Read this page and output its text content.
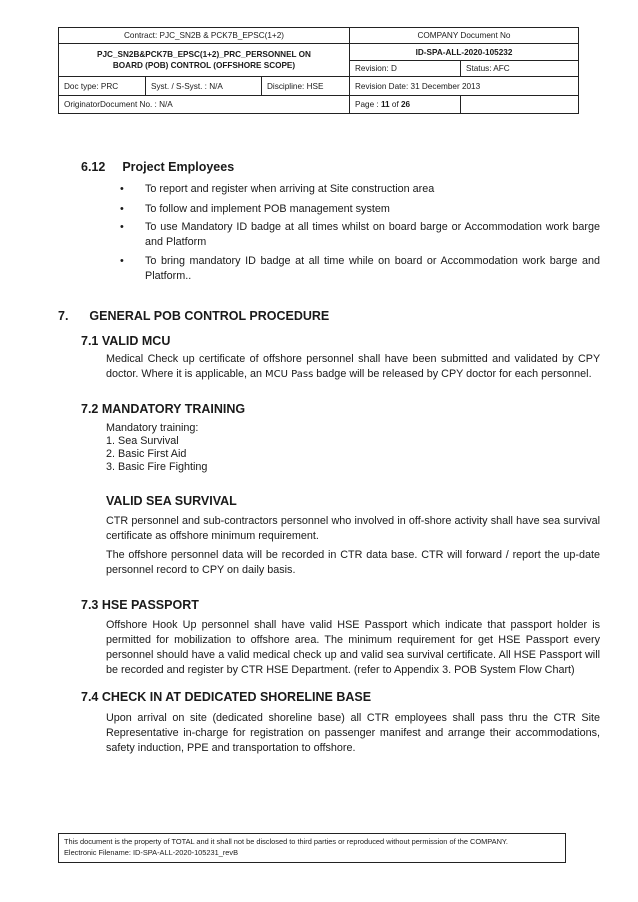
Contract: PJC_SN2B & PCK7B_EPSC(1+2)			COMPANY Document No	
PJC_SN2B&PCK7B_EPSC(1+2)_PRC_PERSONNEL ON
BOARD (POB) CONTROL (OFFSHORE SCOPE)			ID-SPA-ALL-2020-105232	
			Revision: D	Status: AFC
Doc type: PRC	Syst. / S-Syst. : N/A	Discipline: HSE	Revision Date: 31 December 2013	
OriginatorDocument No. : N/A			Page : 11 of 26	
6.12 Project Employees
• To report and register when arriving at Site construction area
• To follow and implement POB management system
• To use Mandatory ID badge at all times whilst on board barge or Accommodation work barge and Platform
• To bring mandatory ID badge at all time while on board or Accommodation work barge and Platform..
7. GENERAL POB CONTROL PROCEDURE
7.1 VALID MCU
Medical Check up certificate of offshore personnel shall have been submitted and validated by CPY doctor. Where it is applicable, an MCU Pass badge will be released by CPY doctor for each personnel.
7.2 MANDATORY TRAINING
Mandatory training:
1. Sea Survival
2. Basic First Aid
3. Basic Fire Fighting
VALID SEA SURVIVAL
CTR personnel and sub-contractors personnel who involved in off-shore activity shall have sea survival certificate as offshore minimum requirement.
The offshore personnel data will be recorded in CTR data base. CTR will forward / report the up-date personnel record to CPY on daily basis.
7.3 HSE PASSPORT
Offshore Hook Up personnel shall have valid HSE Passport which indicate that passport holder is permitted for mobilization to offshore area. The minimum requirement for get HSE Passport every personnel should have a valid medical check up and valid sea survival certificate. All HSE Passport will be recorded and register by CTR HSE Department. (refer to Appendix 3. POB System Flow Chart)
7.4 CHECK IN AT DEDICATED SHORELINE BASE
Upon arrival on site (dedicated shoreline base) all CTR employees shall pass thru the CTR Site Representative in-charge for registration on passenger manifest and arrange their accommodations, safety induction, PPE and transportation to offshore.
This document is the property of TOTAL and it shall not be disclosed to third parties or reproduced without permission of the COMPANY.
Electronic Filename: ID-SPA-ALL-2020-105231_revB
